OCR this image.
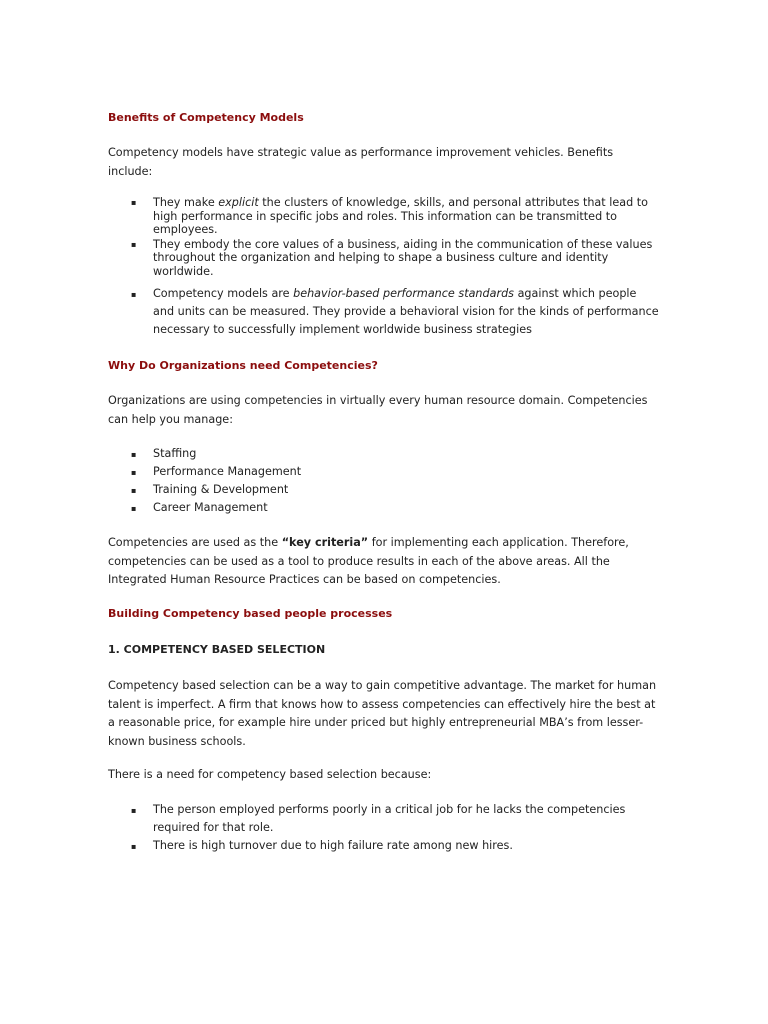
Benefits of Competency Models
Competency models have strategic value as performance improvement vehicles. Benefits include:
▪ They make explicit the clusters of knowledge, skills, and personal attributes that lead to high performance in specific jobs and roles. This information can be transmitted to employees.
▪ They embody the core values of a business, aiding in the communication of these values throughout the organization and helping to shape a business culture and identity worldwide.
▪ Competency models are behavior-based performance standards against which people and units can be measured. They provide a behavioral vision for the kinds of performance necessary to successfully implement worldwide business strategies
Why Do Organizations need Competencies?
Organizations are using competencies in virtually every human resource domain. Competencies can help you manage:
▪ Staffing
▪ Performance Management
▪ Training & Development
▪ Career Management
Competencies are used as the “key criteria” for implementing each application. Therefore, competencies can be used as a tool to produce results in each of the above areas. All the Integrated Human Resource Practices can be based on competencies.
Building Competency based people processes
1. COMPETENCY BASED SELECTION
Competency based selection can be a way to gain competitive advantage. The market for human talent is imperfect. A firm that knows how to assess competencies can effectively hire the best at a reasonable price, for example hire under priced but highly entrepreneurial MBA’s from lesser-known business schools.
There is a need for competency based selection because:
▪ The person employed performs poorly in a critical job for he lacks the competencies required for that role.
▪ There is high turnover due to high failure rate among new hires.
